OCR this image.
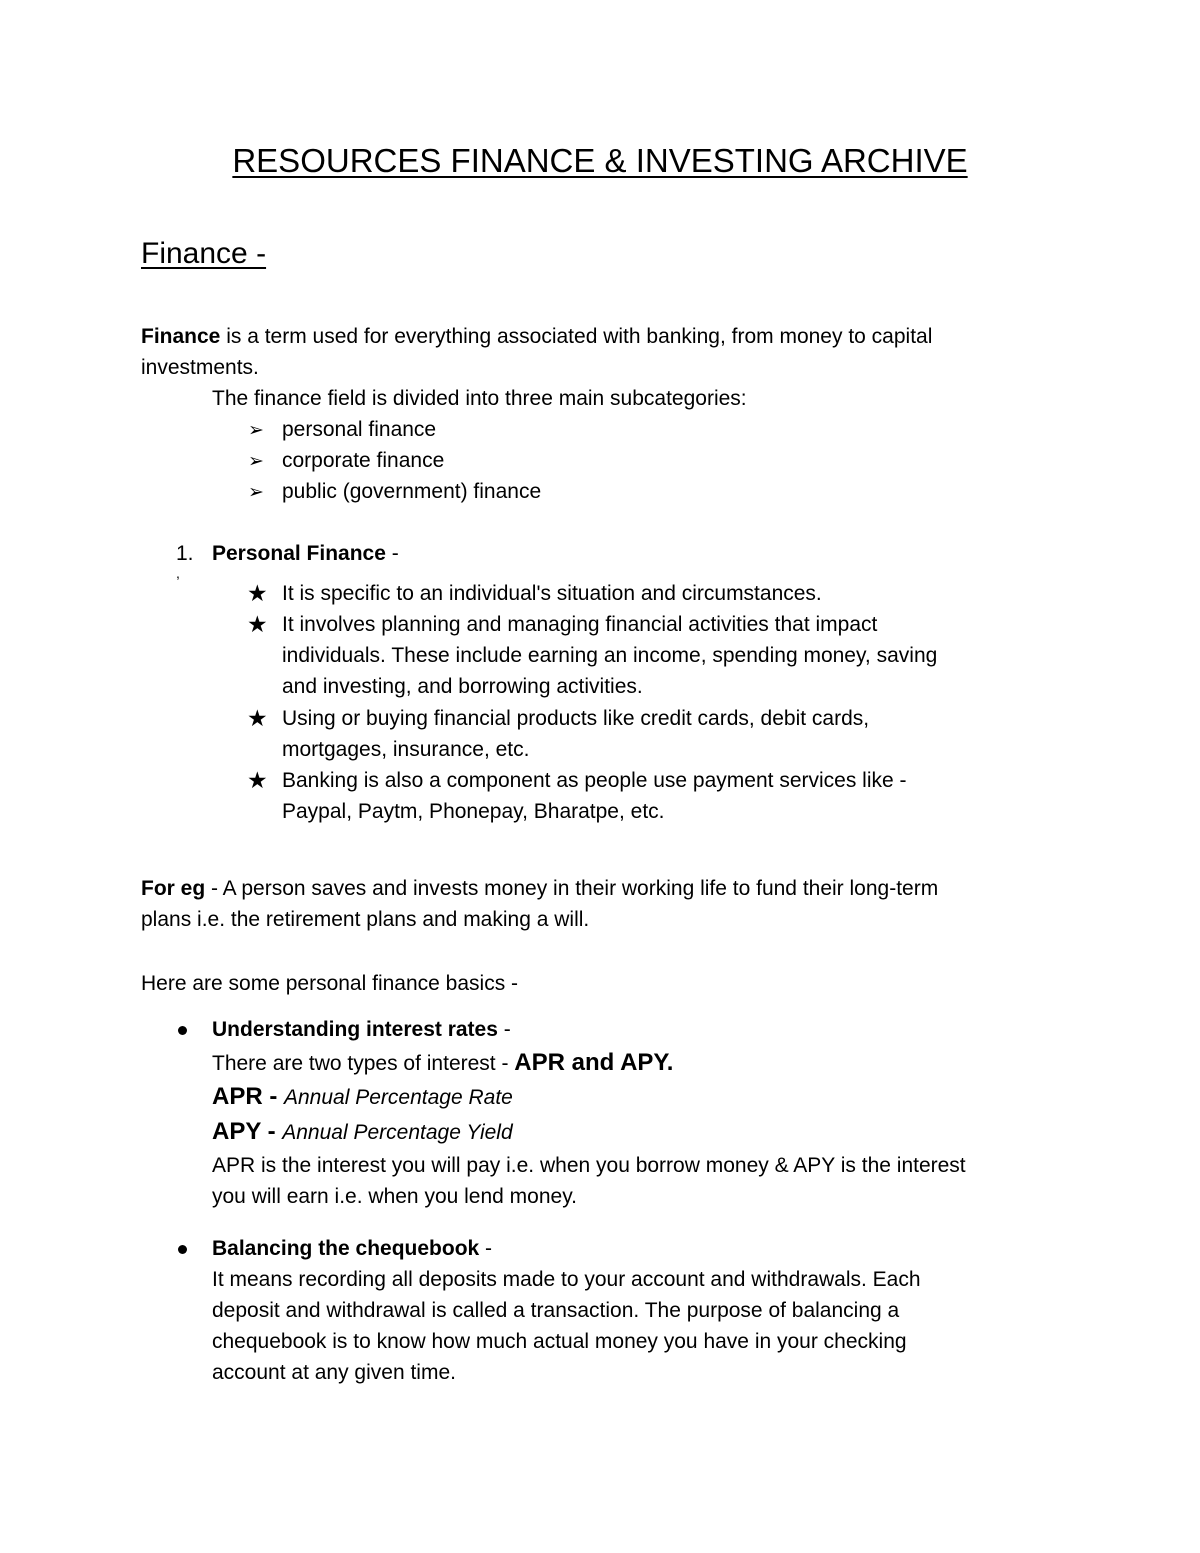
RESOURCES FINANCE & INVESTING ARCHIVE
Finance -
Finance is a term used for everything associated with banking, from money to capital
investments.
The finance field is divided into three main subcategories:
➢ personal finance
➢ corporate finance
➢ public (government) finance
1. Personal Finance -
,
★ It is specific to an individual's situation and circumstances.
★ It involves planning and managing financial activities that impact
individuals. These include earning an income, spending money, saving
and investing, and borrowing activities.
★ Using or buying financial products like credit cards, debit cards,
mortgages, insurance, etc.
★ Banking is also a component as people use payment services like -
Paypal, Paytm, Phonepay, Bharatpe, etc.
For eg - A person saves and invests money in their working life to fund their long-term
plans i.e. the retirement plans and making a will.
Here are some personal finance basics -
Understanding interest rates -
There are two types of interest - APR and APY.
APR - Annual Percentage Rate
APY - Annual Percentage Yield
APR is the interest you will pay i.e. when you borrow money & APY is the interest
you will earn i.e. when you lend money.
Balancing the chequebook -
It means recording all deposits made to your account and withdrawals. Each
deposit and withdrawal is called a transaction. The purpose of balancing a
chequebook is to know how much actual money you have in your checking
account at any given time.
